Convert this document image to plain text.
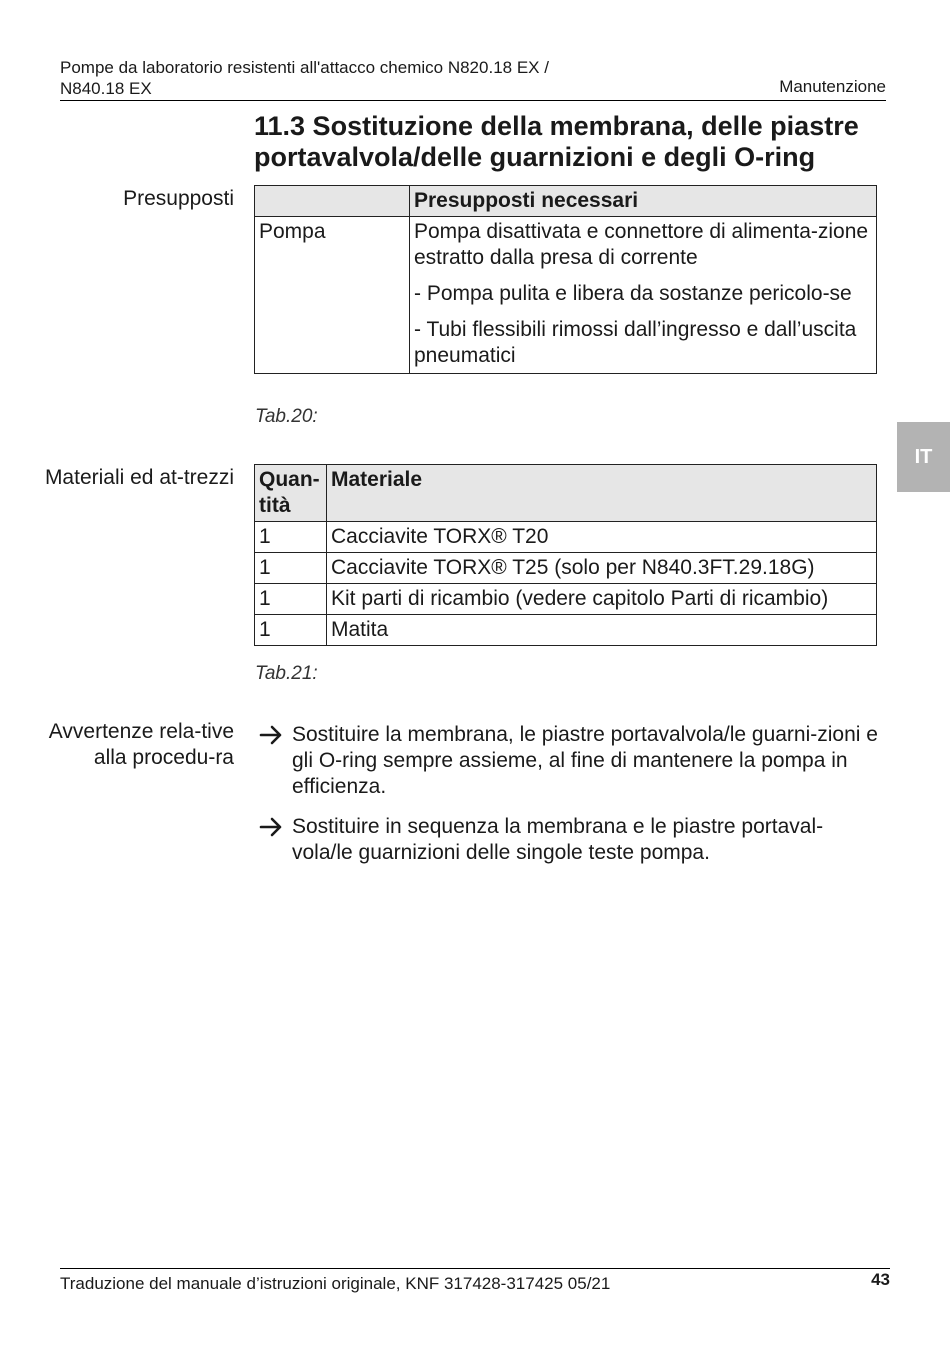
Pompe da laboratorio resistenti all'attacco chemico N820.18 EX /
N840.18 EX	Manutenzione
11.3 Sostituzione della membrana, delle piastre
portavalvola/delle guarnizioni e degli O-ring
IT
Presupposti
		Presupposti necessari
Pompa	Pompa disattivata e connettore di alimenta-zione estratto dalla presa di corrente

- Pompa pulita e libera da sostanze pericolo-se

- Tubi flessibili rimossi dall’ingresso e dall’uscita pneumatici

Tab.20:
Materiali ed at-trezzi Quan-tità	Materiale
1	Cacciavite TORX® T20
1	Cacciavite TORX® T25 (solo per N840.3FT.29.18G)
1	Kit parti di ricambio (vedere capitolo Parti di ricambio)
1	Matita
Tab.21:
Avvertenze rela-tive alla procedu-ra
Sostituire la membrana, le piastre portavalvola/le guarni-zioni e gli O-ring sempre assieme, al fine di mantenere la pompa in efficienza.
Sostituire in sequenza la membrana e le piastre portaval-vola/le guarnizioni delle singole teste pompa.
Traduzione del manuale d’istruzioni originale, KNF 317428-317425 05/21	43
